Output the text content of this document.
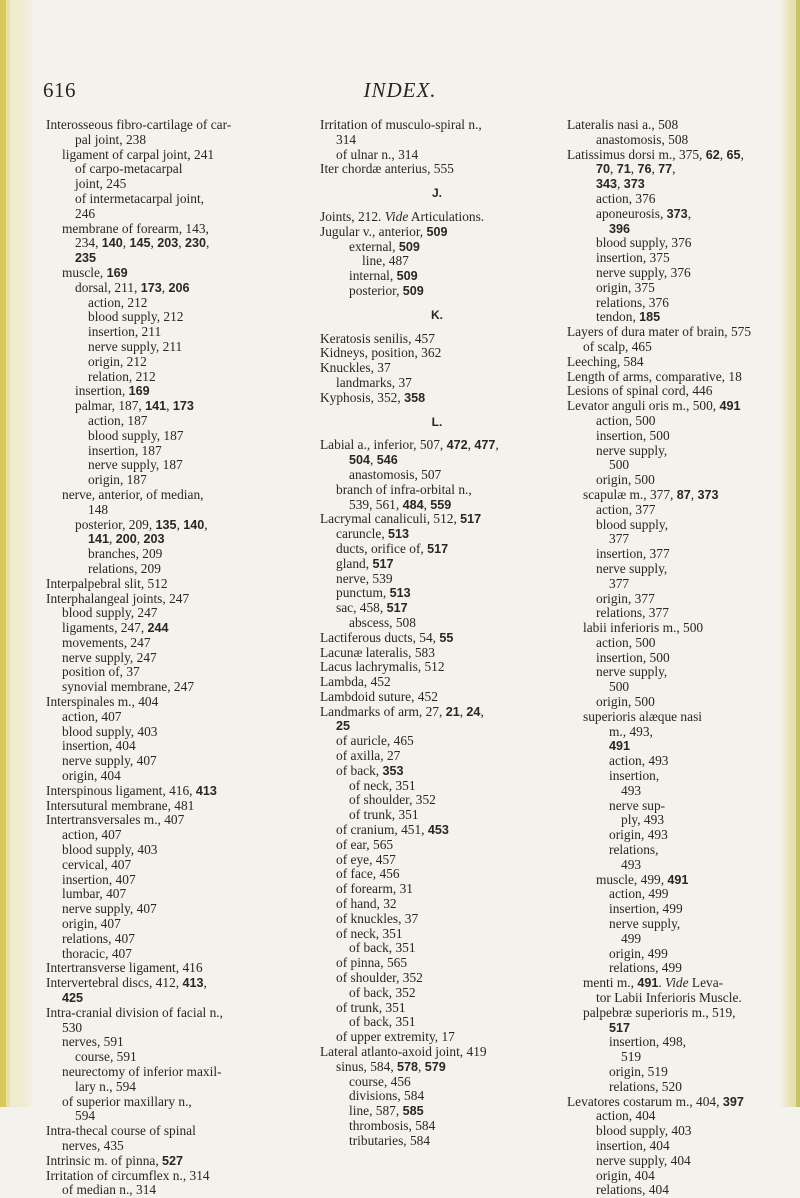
616	INDEX.
Interosseous fibro-cartilage of car-
pal joint, 238
ligament of carpal joint, 241
of carpo-metacarpal
joint, 245
of intermetacarpal joint,
246
membrane of forearm, 143,
234, 140, 145, 203, 230,
235
muscle, 169
dorsal, 211, 173, 206
action, 212
blood supply, 212
insertion, 211
nerve supply, 211
origin, 212
relation, 212
insertion, 169
palmar, 187, 141, 173
action, 187
blood supply, 187
insertion, 187
nerve supply, 187
origin, 187
nerve, anterior, of median,
148
posterior, 209, 135, 140,
141, 200, 203
branches, 209
relations, 209
Interpalpebral slit, 512
Interphalangeal joints, 247
blood supply, 247
ligaments, 247, 244
movements, 247
nerve supply, 247
position of, 37
synovial membrane, 247
Interspinales m., 404
action, 407
blood supply, 403
insertion, 404
nerve supply, 407
origin, 404
Interspinous ligament, 416, 413
Intersutural membrane, 481
Intertransversales m., 407
action, 407
blood supply, 403
cervical, 407
insertion, 407
lumbar, 407
nerve supply, 407
origin, 407
relations, 407
thoracic, 407
Intertransverse ligament, 416
Intervertebral discs, 412, 413,
425
Intra-cranial division of facial n.,
530
nerves, 591
course, 591
neurectomy of inferior maxil-
lary n., 594
of superior maxillary n.,
594
Intra-thecal course of spinal
nerves, 435
Intrinsic m. of pinna, 527
Irritation of circumflex n., 314
of median n., 314
Irritation of musculo-spiral n.,
314
of ulnar n., 314
Iter chordæ anterius, 555
J.
Joints, 212. Vide Articulations.
Jugular v., anterior, 509
external, 509
line, 487
internal, 509
posterior, 509
K.
Keratosis senilis, 457
Kidneys, position, 362
Knuckles, 37
landmarks, 37
Kyphosis, 352, 358
L.
Labial a., inferior, 507, 472, 477,
504, 546
anastomosis, 507
branch of infra-orbital n.,
539, 561, 484, 559
Lacrymal canaliculi, 512, 517
caruncle, 513
ducts, orifice of, 517
gland, 517
nerve, 539
punctum, 513
sac, 458, 517
abscess, 508
Lactiferous ducts, 54, 55
Lacunæ lateralis, 583
Lacus lachrymalis, 512
Lambda, 452
Lambdoid suture, 452
Landmarks of arm, 27, 21, 24,
25
of auricle, 465
of axilla, 27
of back, 353
of neck, 351
of shoulder, 352
of trunk, 351
of cranium, 451, 453
of ear, 565
of eye, 457
of face, 456
of forearm, 31
of hand, 32
of knuckles, 37
of neck, 351
of back, 351
of pinna, 565
of shoulder, 352
of back, 352
of trunk, 351
of back, 351
of upper extremity, 17
Lateral atlanto-axoid joint, 419
sinus, 584, 578, 579
course, 456
divisions, 584
line, 587, 585
thrombosis, 584
tributaries, 584
Lateralis nasi a., 508
anastomosis, 508
Latissimus dorsi m., 375, 62, 65,
70, 71, 76, 77,
343, 373
action, 376
aponeurosis, 373,
396
blood supply, 376
insertion, 375
nerve supply, 376
origin, 375
relations, 376
tendon, 185
Layers of dura mater of brain, 575
of scalp, 465
Leeching, 584
Length of arms, comparative, 18
Lesions of spinal cord, 446
Levator anguli oris m., 500, 491
action, 500
insertion, 500
nerve supply,
500
origin, 500
scapulæ m., 377, 87, 373
action, 377
blood supply,
377
insertion, 377
nerve supply,
377
origin, 377
relations, 377
labii inferioris m., 500
action, 500
insertion, 500
nerve supply,
500
origin, 500
superioris alæque nasi
m., 493,
491
action, 493
insertion,
493
nerve sup-
ply, 493
origin, 493
relations,
493
muscle, 499, 491
action, 499
insertion, 499
nerve supply,
499
origin, 499
relations, 499
menti m., 491. Vide Leva-
tor Labii Inferioris Muscle.
palpebræ superioris m., 519,
517
insertion, 498,
519
origin, 519
relations, 520
Levatores costarum m., 404, 397
action, 404
blood supply, 403
insertion, 404
nerve supply, 404
origin, 404
relations, 404
